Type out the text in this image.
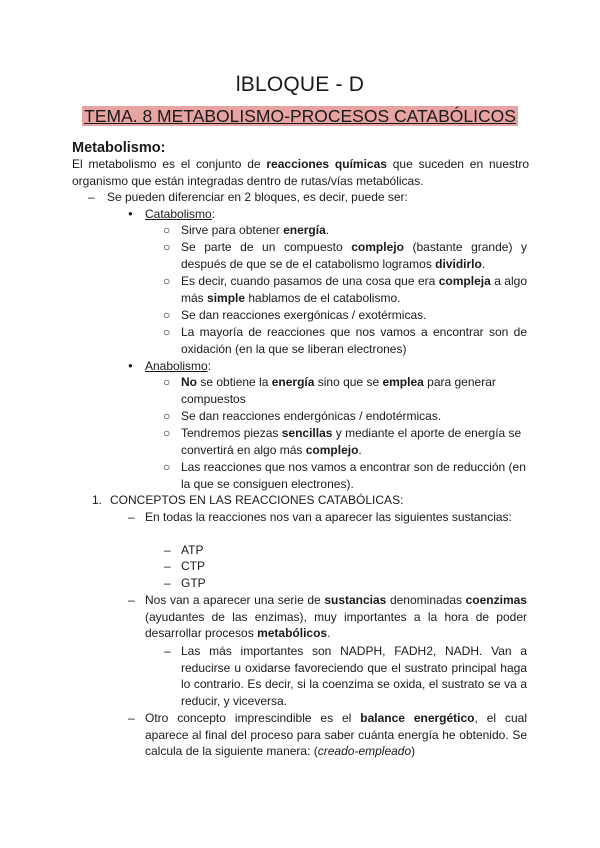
lBLOQUE - D
TEMA. 8 METABOLISMO-PROCESOS CATABÓLICOS
Metabolismo:
El metabolismo es el conjunto de reacciones químicas que suceden en nuestro organismo que están integradas dentro de rutas/vías metabólicas.
– Se pueden diferenciar en 2 bloques, es decir, puede ser:
● Catabolismo:
○ Sirve para obtener energía.
○ Se parte de un compuesto complejo (bastante grande) y después de que se de el catabolismo logramos dividirlo.
○ Es decir, cuando pasamos de una cosa que era compleja a algo más simple hablamos de el catabolismo.
○ Se dan reacciones exergónicas / exotérmicas.
○ La mayoría de reacciones que nos vamos a encontrar son de oxidación (en la que se liberan electrones)
● Anabolismo:
○ No se obtiene la energía sino que se emplea para generar compuestos
○ Se dan reacciones endergónicas / endotérmicas.
○ Tendremos piezas sencillas y mediante el aporte de energía se convertirá en algo más complejo.
○ Las reacciones que nos vamos a encontrar son de reducción (en la que se consiguen electrones).
1. CONCEPTOS EN LAS REACCIONES CATABÓLICAS:
– En todas la reacciones nos van a aparecer las siguientes sustancias:
– ATP
– CTP
– GTP
– Nos van a aparecer una serie de sustancias denominadas coenzimas (ayudantes de las enzimas), muy importantes a la hora de poder desarrollar procesos metabólicos.
– Las más importantes son NADPH, FADH2, NADH. Van a reducirse u oxidarse favoreciendo que el sustrato principal haga lo contrario. Es decir, si la coenzima se oxida, el sustrato se va a reducir, y viceversa.
– Otro concepto imprescindible es el balance energético, el cual aparece al final del proceso para saber cuánta energía he obtenido. Se calcula de la siguiente manera: (creado-empleado)
